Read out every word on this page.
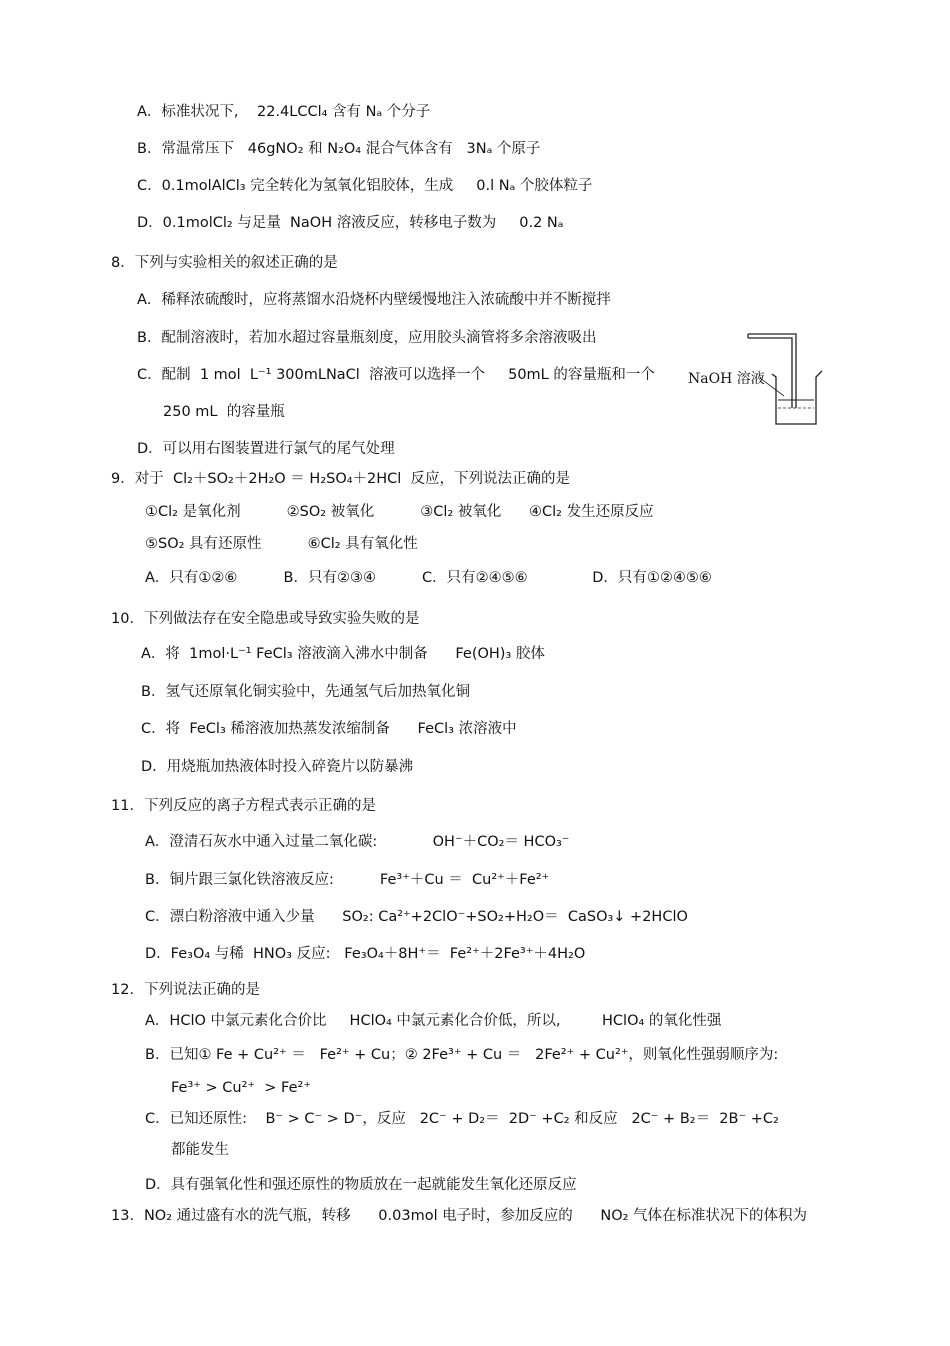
A．标准状况下,    22.4LCCl₄ 含有 Nₐ 个分子
B．常温常压下   46gNO₂ 和 N₂O₄ 混合气体含有   3Nₐ 个原子
C．0.1molAlCl₃ 完全转化为氢氧化铝胶体，生成     0.l Nₐ 个胶体粒子
D．0.1molCl₂ 与足量  NaOH 溶液反应，转移电子数为     0.2 Nₐ
8．下列与实验相关的叙述正确的是
A．稀释浓硫酸时，应将蒸馏水沿烧杯内壁缓慢地注入浓硫酸中并不断搅拌
B．配制溶液时，若加水超过容量瓶刻度，应用胶头滴管将多余溶液吸出
C．配制  1 mol  L⁻¹ 300mLNaCl  溶液可以选择一个     50mL 的容量瓶和一个
250 mL  的容量瓶
D．可以用右图装置进行氯气的尾气处理
NaOH 溶液
9．对于  Cl₂＋SO₂＋2H₂O ＝ H₂SO₄＋2HCl  反应，下列说法正确的是
①Cl₂ 是氧化剂          ②SO₂ 被氧化          ③Cl₂ 被氧化      ④Cl₂ 发生还原反应
⑤SO₂ 具有还原性          ⑥Cl₂ 具有氧化性
A．只有①②⑥          B．只有②③④          C．只有②④⑤⑥              D．只有①②④⑤⑥
10．下列做法存在安全隐患或导致实验失败的是
A．将  1mol·L⁻¹ FeCl₃ 溶液滴入沸水中制备      Fe(OH)₃ 胶体
B．氢气还原氧化铜实验中，先通氢气后加热氧化铜
C．将  FeCl₃ 稀溶液加热蒸发浓缩制备      FeCl₃ 浓溶液中
D．用烧瓶加热液体时投入碎瓷片以防暴沸
11．下列反应的离子方程式表示正确的是
A．澄清石灰水中通入过量二氧化碳:            OH⁻＋CO₂＝ HCO₃⁻
B．铜片跟三氯化铁溶液反应:          Fe³⁺＋Cu ＝  Cu²⁺＋Fe²⁺
C．漂白粉溶液中通入少量      SO₂: Ca²⁺+2ClO⁻+SO₂+H₂O＝  CaSO₃↓ +2HClO
D．Fe₃O₄ 与稀  HNO₃ 反应:   Fe₃O₄＋8H⁺＝  Fe²⁺＋2Fe³⁺＋4H₂O
12．下列说法正确的是
A．HClO 中氯元素化合价比     HClO₄ 中氯元素化合价低，所以,         HClO₄ 的氧化性强
B．已知① Fe + Cu²⁺ ＝   Fe²⁺ + Cu；② 2Fe³⁺ + Cu ＝   2Fe²⁺ + Cu²⁺，则氧化性强弱顺序为:
Fe³⁺ > Cu²⁺  > Fe²⁺
C．已知还原性:    B⁻ > C⁻ > D⁻，反应   2C⁻ + D₂＝  2D⁻ +C₂ 和反应   2C⁻ + B₂＝  2B⁻ +C₂
都能发生
D．具有强氧化性和强还原性的物质放在一起就能发生氧化还原反应
13．NO₂ 通过盛有水的洗气瓶，转移      0.03mol 电子时，参加反应的      NO₂ 气体在标准状况下的体积为
